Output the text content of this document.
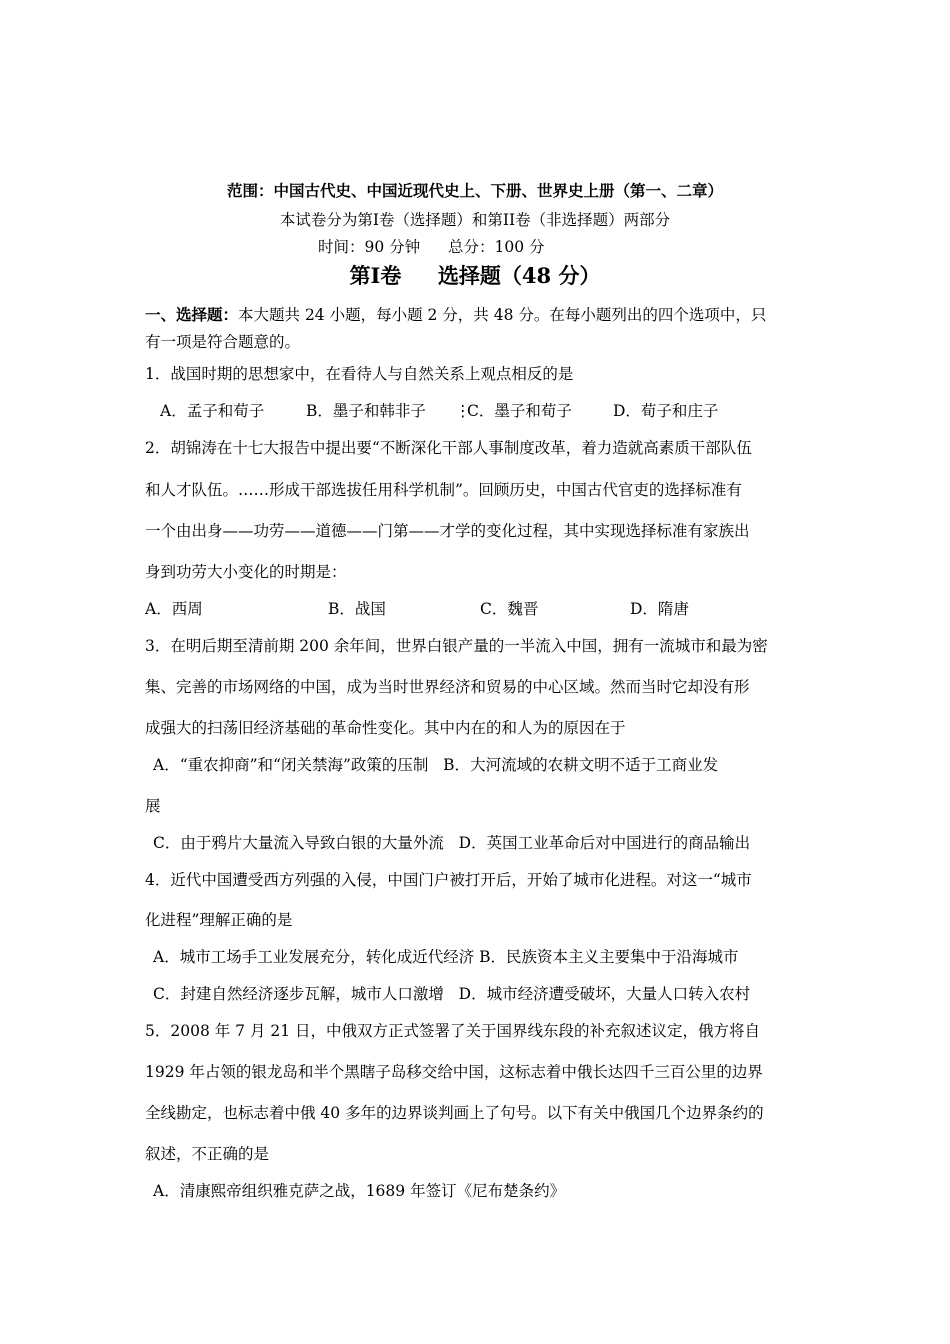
范围：中国古代史、中国近现代史上、下册、世界史上册（第一、二章）
本试卷分为第Ⅰ卷（选择题）和第ⅠⅠ卷（非选择题）两部分
时间：90 分钟 总分：100 分
第Ⅰ卷     选择题（48 分）
一、选择题：本大题共 24 小题，每小题 2 分，共 48 分。在每小题列出的四个选项中，只
有一项是符合题意的。
1．战国时期的思想家中，在看待人与自然关系上观点相反的是
A．孟子和荀子	B．墨子和韩非子 ⋮
C．墨子和荀子	D．荀子和庄子
2．胡锦涛在十七大报告中提出要“不断深化干部人事制度改革，着力造就高素质干部队伍
和人才队伍。……形成干部选拔任用科学机制”。回顾历史，中国古代官吏的选择标准有
一个由出身——功劳——道德——门第——才学的变化过程，其中实现选择标准有家族出
身到功劳大小变化的时期是：
A．西周	B．战国	C．魏晋	D．隋唐
3．在明后期至清前期 200 余年间，世界白银产量的一半流入中国，拥有一流城市和最为密
集、完善的市场网络的中国，成为当时世界经济和贸易的中心区域。然而当时它却没有形
成强大的扫荡旧经济基础的革命性变化。其中内在的和人为的原因在于
A．“重农抑商”和“闭关禁海”政策的压制   B．大河流域的农耕文明不适于工商业发
展
C．由于鸦片大量流入导致白银的大量外流   D．英国工业革命后对中国进行的商品输出
4．近代中国遭受西方列强的入侵，中国门户被打开后，开始了城市化进程。对这一“城市
化进程”理解正确的是
A．城市工场手工业发展充分，转化成近代经济 B．民族资本主义主要集中于沿海城市
C．封建自然经济逐步瓦解，城市人口激增   D．城市经济遭受破坏，大量人口转入农村
5．2008 年 7 月 21 日，中俄双方正式签署了关于国界线东段的补充叙述议定，俄方将自
1929 年占领的银龙岛和半个黑瞎子岛移交给中国，这标志着中俄长达四千三百公里的边界
全线勘定，也标志着中俄 40 多年的边界谈判画上了句号。以下有关中俄国几个边界条约的
叙述，不正确的是
A．清康熙帝组织雅克萨之战，1689 年签订《尼布楚条约》
